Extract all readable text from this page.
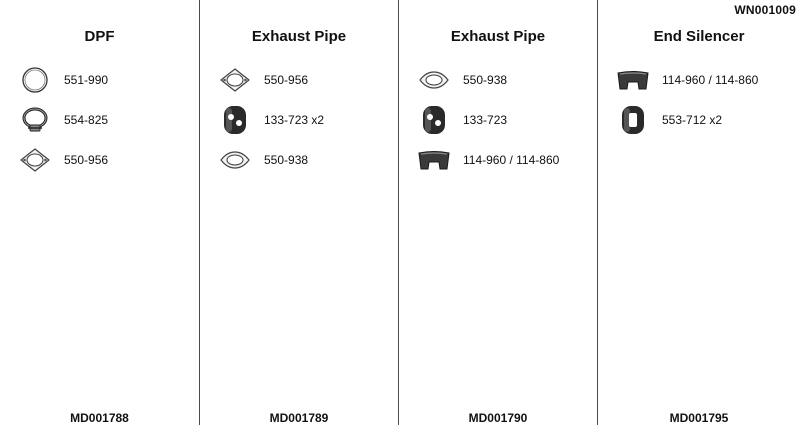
WN001009
DPF
551-990
554-825
550-956
MD001788
Exhaust Pipe
550-956
133-723 x2
550-938
MD001789
Exhaust Pipe
550-938
133-723
114-960 / 114-860
MD001790
End Silencer
114-960 / 114-860
553-712 x2
MD001795
